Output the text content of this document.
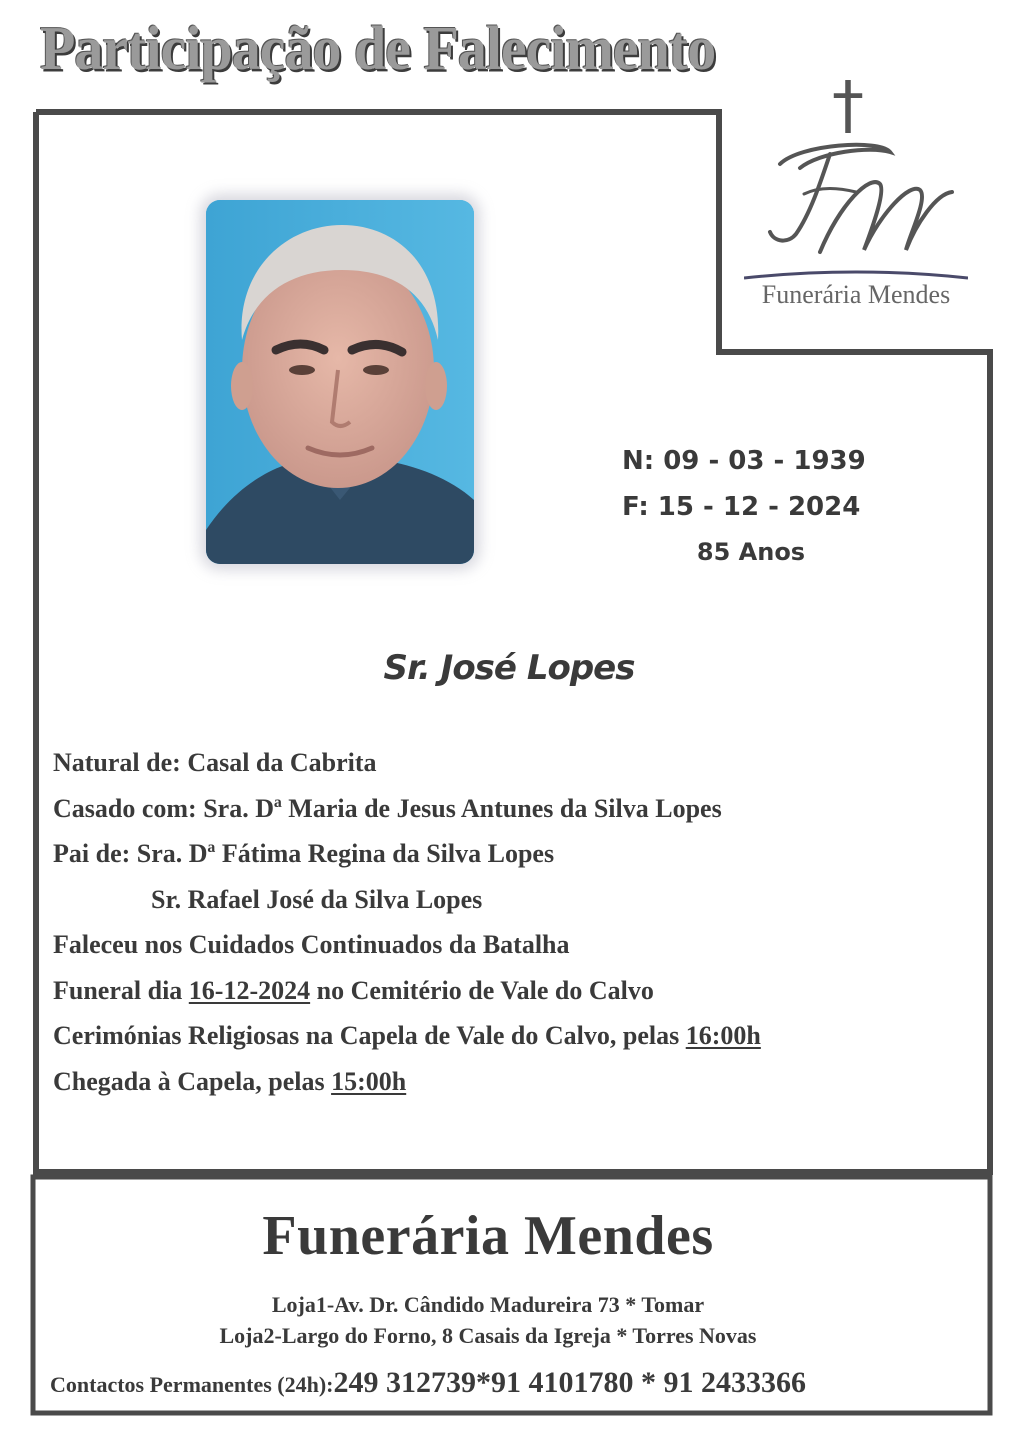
Participação de Falecimento
†
Funerária Mendes
N: 09 - 03 - 1939
F: 15 - 12 - 2024
85 Anos
Sr. José Lopes
Natural de: Casal da Cabrita
Casado com: Sra. Dª Maria de Jesus Antunes da Silva Lopes
Pai de: Sra. Dª Fátima Regina da Silva Lopes
Sr. Rafael José da Silva Lopes
Faleceu nos Cuidados Continuados da Batalha
Funeral dia 16-12-2024 no Cemitério de Vale do Calvo
Cerimónias Religiosas na Capela de Vale do Calvo, pelas 16:00h
Chegada à Capela, pelas 15:00h
Funerária Mendes
Loja1-Av. Dr. Cândido Madureira 73 * Tomar
Loja2-Largo do Forno, 8 Casais da Igreja * Torres Novas
Contactos Permanentes (24h):249 312739*91 4101780 * 91 2433366
